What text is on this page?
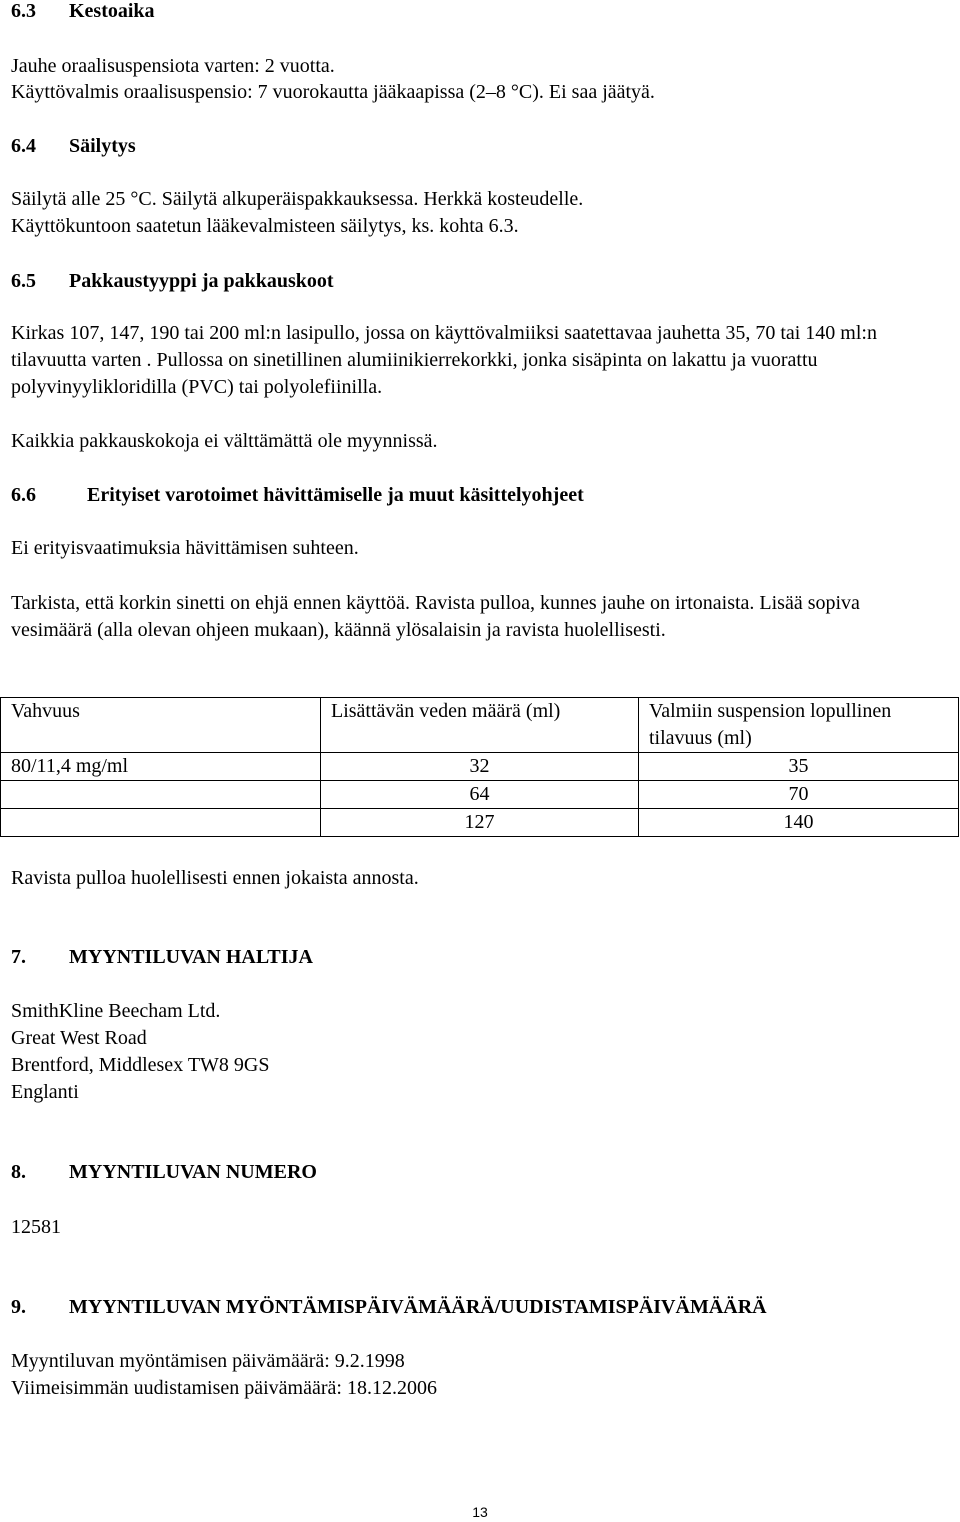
6.3 Kestoaika
Jauhe oraalisuspensiota varten: 2 vuotta.
Käyttövalmis oraalisuspensio: 7 vuorokautta jääkaapissa (2–8 °C). Ei saa jäätyä.
6.4 Säilytys
Säilytä alle 25 °C. Säilytä alkuperäispakkauksessa. Herkkä kosteudelle.
Käyttökuntoon saatetun lääkevalmisteen säilytys, ks. kohta 6.3.
6.5 Pakkaustyyppi ja pakkauskoot

Kirkas 107, 147, 190 tai 200 ml:n lasipullo, jossa on käyttövalmiiksi saatettavaa jauhetta 35, 70 tai 140 ml:n tilavuutta varten . Pullossa on sinetillinen alumiinikierrekorkki, jonka sisäpinta on lakattu ja vuorattu polyvinyylikloridilla (PVC) tai polyolefiinilla.

Kaikkia pakkauskokoja ei välttämättä ole myynnissä.
6.6	Erityiset varotoimet hävittämiselle ja muut käsittelyohjeet
Ei erityisvaatimuksia hävittämisen suhteen.

Tarkista, että korkin sinetti on ehjä ennen käyttöä. Ravista pulloa, kunnes jauhe on irtonaista. Lisää sopiva vesimäärä (alla olevan ohjeen mukaan), käännä ylösalaisin ja ravista huolellisesti.

Vahvuus	Lisättävän veden määrä (ml)	Valmiin suspension lopullinen tilavuus (ml)
80/11,4 mg/ml	32	35
	64	70
	127	140
Ravista pulloa huolellisesti ennen jokaista annosta.
7. MYYNTILUVAN HALTIJA
SmithKline Beecham Ltd.
Great West Road
Brentford, Middlesex TW8 9GS
Englanti
8. MYYNTILUVAN NUMERO
12581
9. MYYNTILUVAN MYÖNTÄMISPÄIVÄMÄÄRÄ/UUDISTAMISPÄIVÄMÄÄRÄ
Myyntiluvan myöntämisen päivämäärä: 9.2.1998
Viimeisimmän uudistamisen päivämäärä: 18.12.2006
13
